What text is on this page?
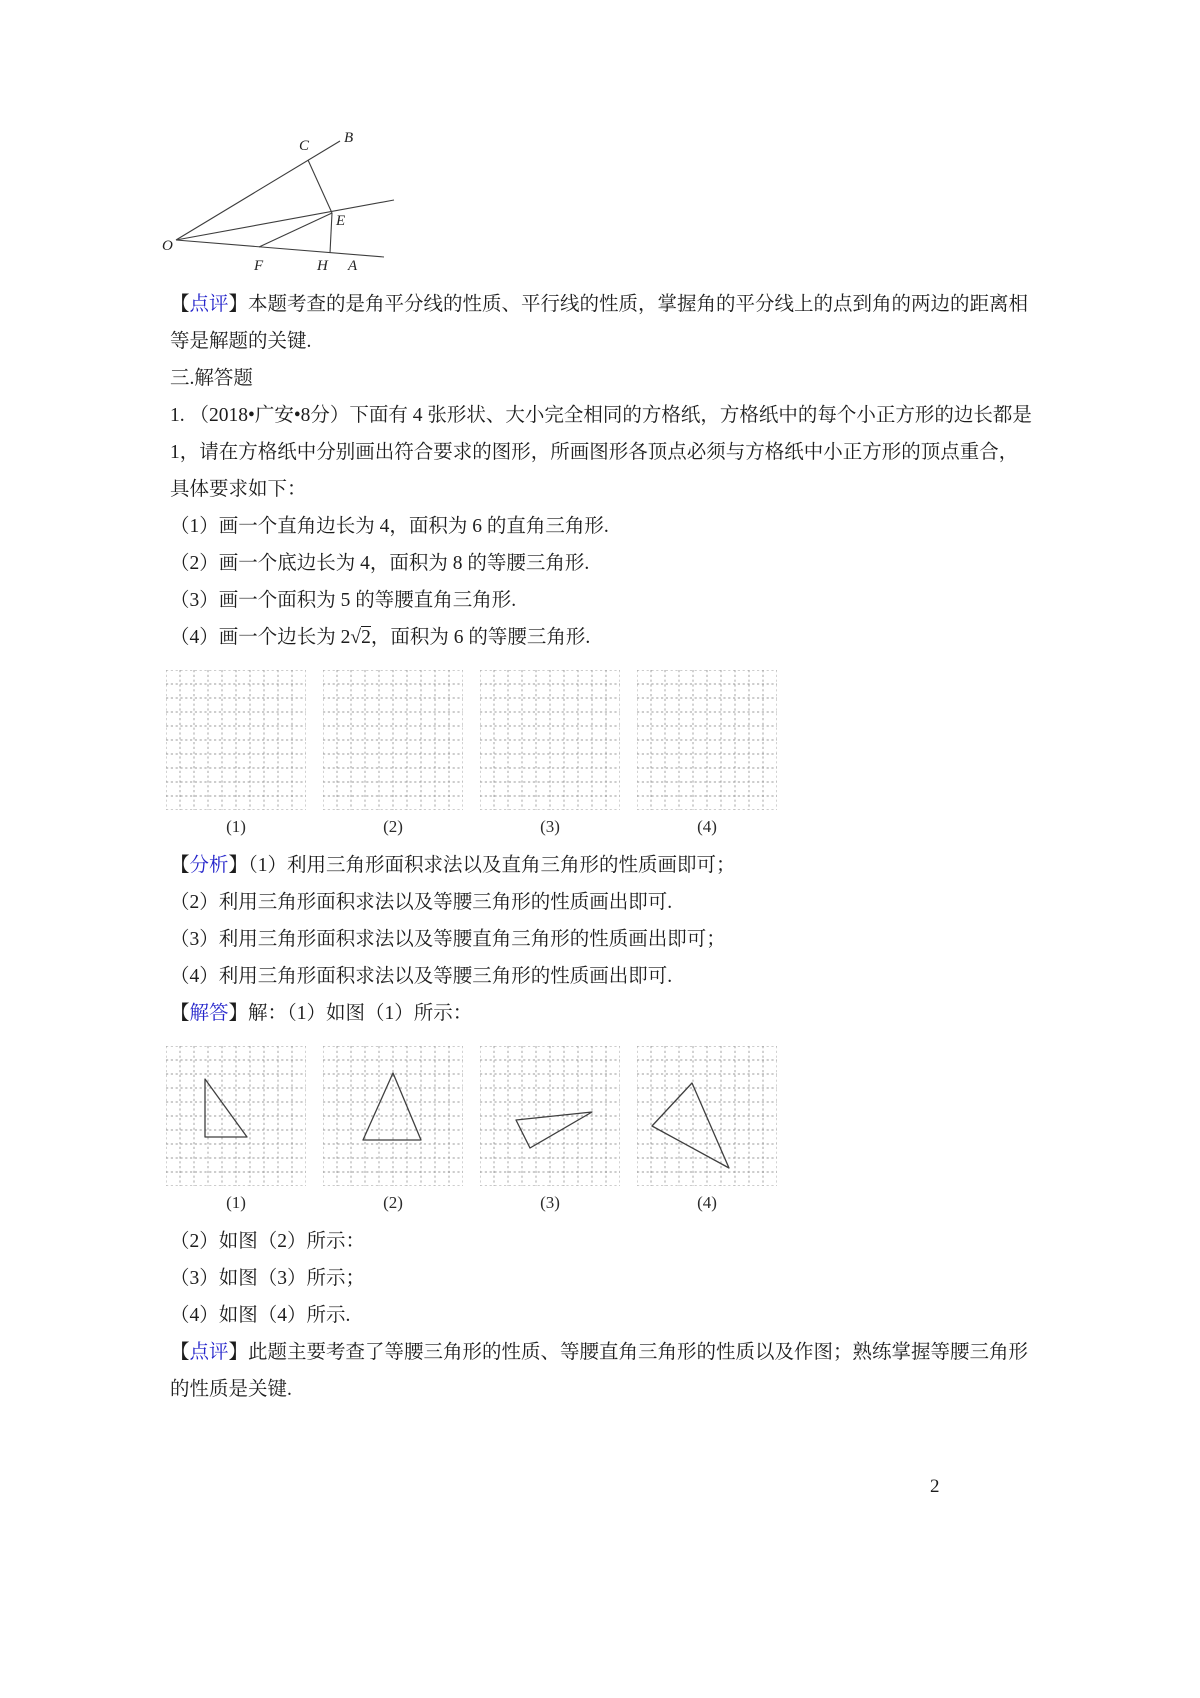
B
C
E
O
F	H A

【点评】本题考查的是角平分线的性质、平行线的性质，掌握角的平分线上的点到角的两边的距离相等是解题的关键.

三.解答题

1. （2018•广安•8分）下面有 4 张形状、大小完全相同的方格纸，方格纸中的每个小正方形的边长都是 1，请在方格纸中分别画出符合要求的图形，所画图形各顶点必须与方格纸中小正方形的顶点重合，具体要求如下：

（1）画一个直角边长为 4，面积为 6 的直角三角形.

（2）画一个底边长为 4，面积为 8 的等腰三角形.

（3）画一个面积为 5 的等腰直角三角形.

（4）画一个边长为 2√2，面积为 6 的等腰三角形.

(1)	(2)	(3)	(4)

【分析】（1）利用三角形面积求法以及直角三角形的性质画即可；

（2）利用三角形面积求法以及等腰三角形的性质画出即可.

（3）利用三角形面积求法以及等腰直角三角形的性质画出即可；

（4）利用三角形面积求法以及等腰三角形的性质画出即可.

【解答】解：（1）如图（1）所示：

(1)	(2)	(3)	(4)

（2）如图（2）所示：

（3）如图（3）所示；

（4）如图（4）所示.

【点评】此题主要考查了等腰三角形的性质、等腰直角三角形的性质以及作图；熟练掌握等腰三角形的性质是关键.

2
